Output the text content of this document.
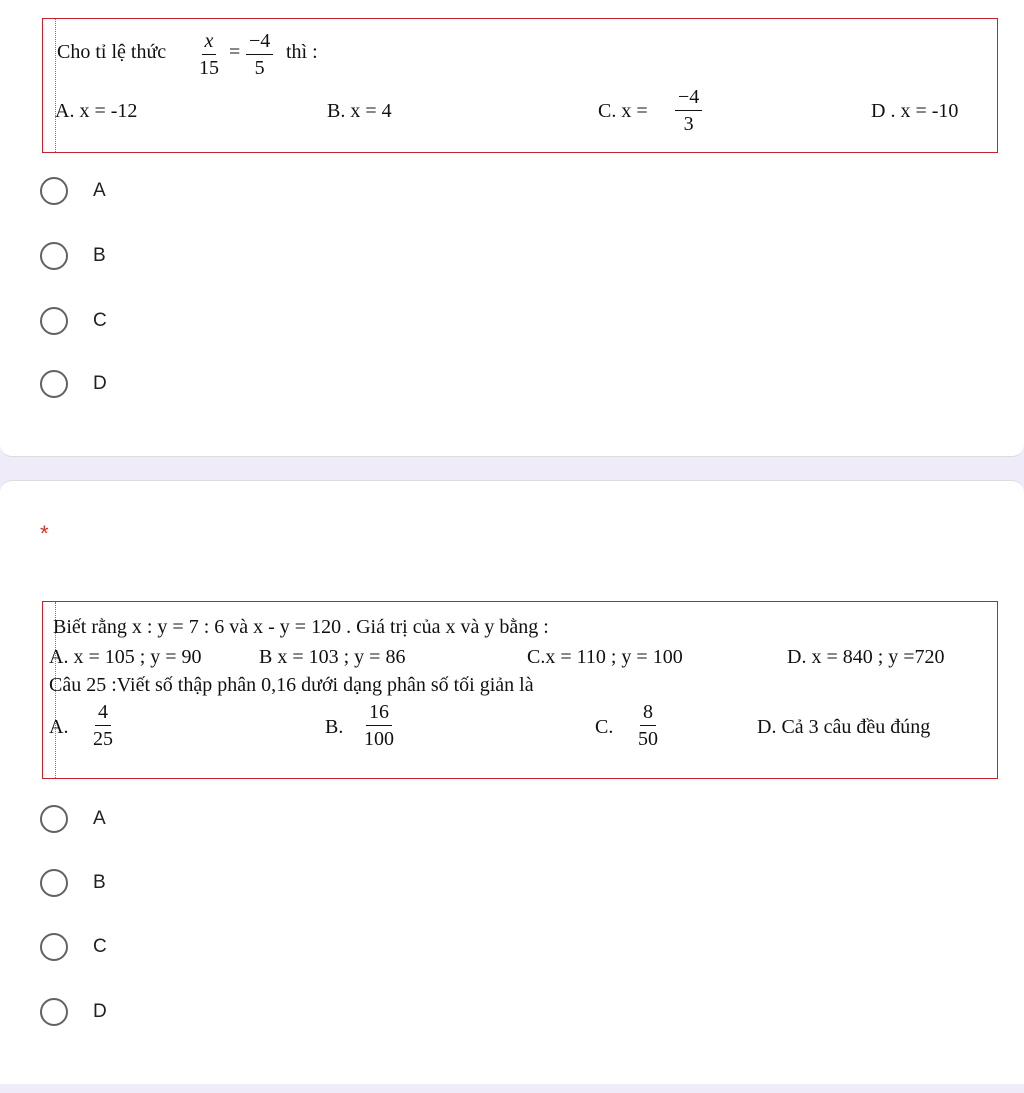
Cho tỉ lệ thức $\frac{x}{15} = \frac{-4}{5}$ thì :
A. x = -12	B. x = 4	C. $x = \frac{-4}{3}$	D . x = -10
A
B
C
D
*
Biết rằng x : y = 7 : 6 và x - y = 120 . Giá trị của x và y bằng :
A. x = 105 ; y = 90	B x = 103 ; y = 86	C.x = 110 ; y = 100	D. x = 840 ; y =720
Câu 25 :Viết số thập phân 0,16 dưới dạng phân số tối giản là
A. $\frac{4}{25}$	B. $\frac{16}{100}$	C. $\frac{8}{50}$	D. Cả 3 câu đều đúng
A
B
C
D
